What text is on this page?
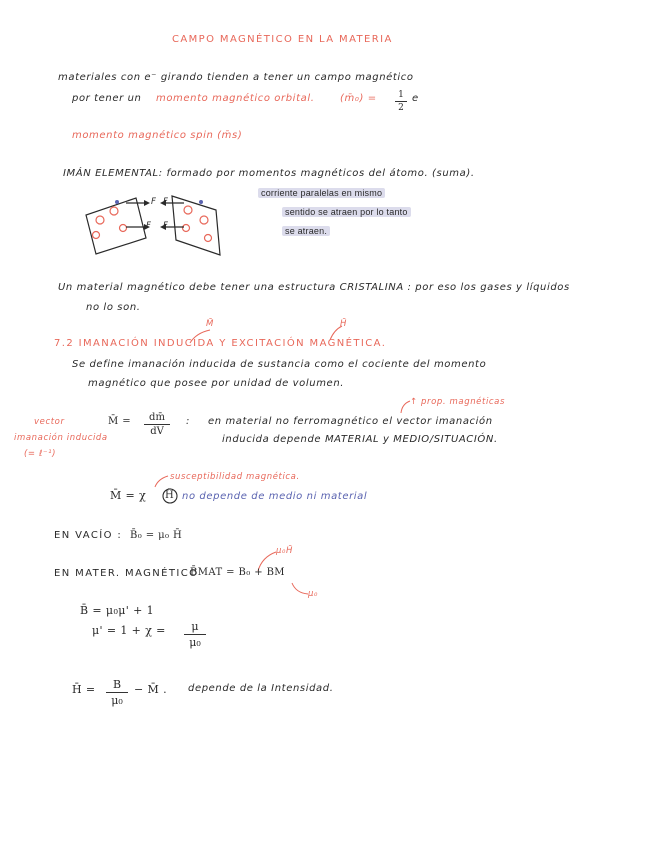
CAMPO MAGNÉTICO EN LA MATERIA
materiales con e⁻ girando tienden a tener un campo magnético
por tener un momento magnético orbital.	(m̄₀) =	1
2
e
momento magnético spin (m̄s)
IMÁN ELEMENTAL: formado por momentos magnéticos del átomo. (suma).
F
F
F
F
corriente paralelas en mismo
sentido se atraen por lo tanto
se atraen.
Un material magnético debe tener una estructura CRISTALINA : por eso los gases y líquidos
no lo son.
M̄	H̄
7.2 IMANACIÓN INDUCIDA Y EXCITACIÓN MAGNÉTICA.
Se define imanación inducida de sustancia como el cociente del momento
magnético que posee por unidad de volumen.
↑ prop. magnéticas
vector
imanación inducida
(= ℓ⁻¹)
M̄ =	dm̄
dV
: en material no ferromagnético el vector imanación
inducida depende MATERIAL y MEDIO/SITUACIÓN.
susceptibilidad magnética.
M̄ = χ H̄ no depende de medio ni material
EN VACÍO : B̄₀ = μ₀ H̄
μ₀H̄
EN MATER. MAGNÉTICO
B̄MAT = B₀ + BM
μ₀
B̄ = μ₀μ' + 1
μ' = 1 + χ =	μ
μ₀
H̄ =	B
μ₀
− M̄ . depende de la Intensidad.
